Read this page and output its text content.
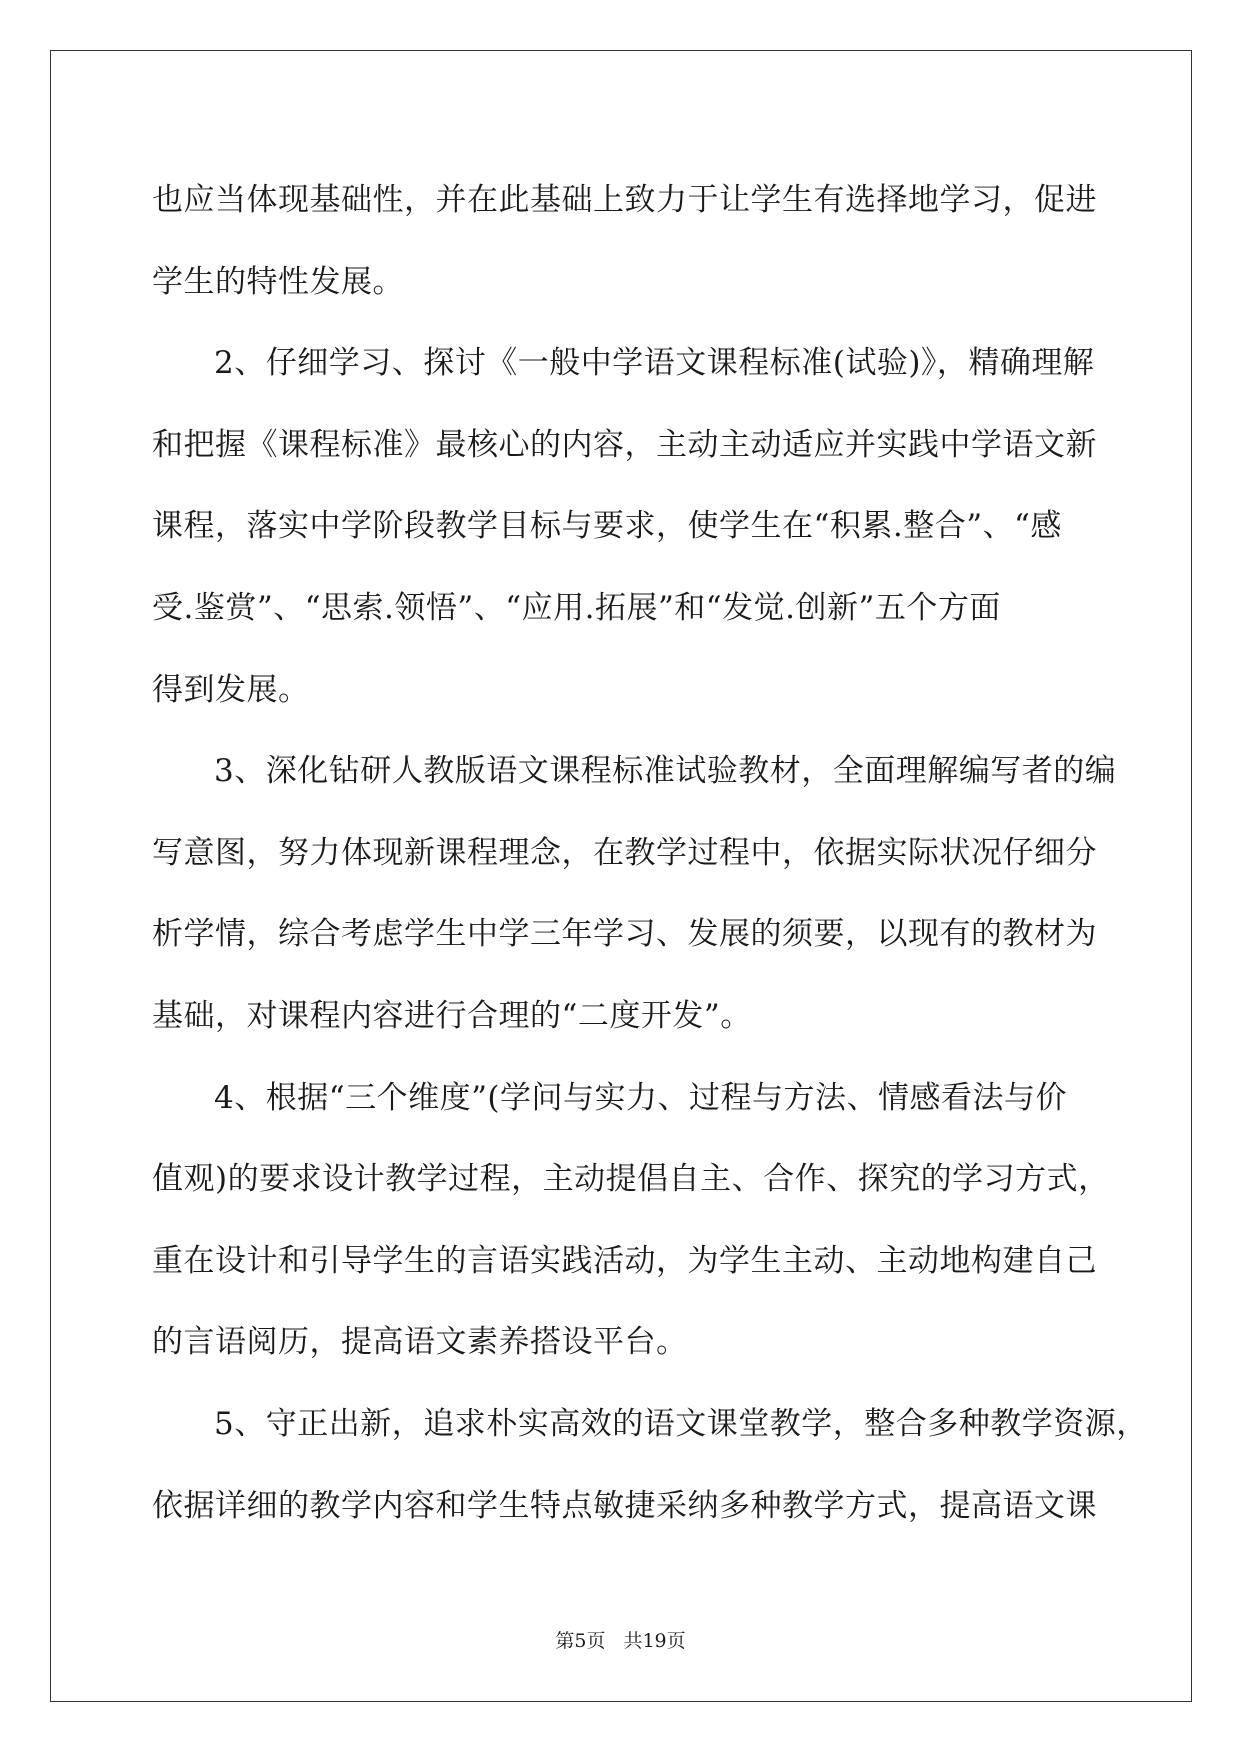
也应当体现基础性，并在此基础上致力于让学生有选择地学习，促进
学生的特性发展。
2、仔细学习、探讨《一般中学语文课程标准(试验)》，精确理解
和把握《课程标准》最核心的内容，主动主动适应并实践中学语文新
课程，落实中学阶段教学目标与要求，使学生在“积累.整合”、“感
受.鉴赏”、“思索.领悟”、“应用.拓展”和“发觉.创新”五个方面
得到发展。
3、深化钻研人教版语文课程标准试验教材，全面理解编写者的编
写意图，努力体现新课程理念，在教学过程中，依据实际状况仔细分
析学情，综合考虑学生中学三年学习、发展的须要，以现有的教材为
基础，对课程内容进行合理的“二度开发”。
4、根据“三个维度”(学问与实力、过程与方法、情感看法与价
值观)的要求设计教学过程，主动提倡自主、合作、探究的学习方式，
重在设计和引导学生的言语实践活动，为学生主动、主动地构建自己
的言语阅历，提高语文素养搭设平台。
5、守正出新，追求朴实高效的语文课堂教学，整合多种教学资源，
依据详细的教学内容和学生特点敏捷采纳多种教学方式，提高语文课
第5页 共19页
